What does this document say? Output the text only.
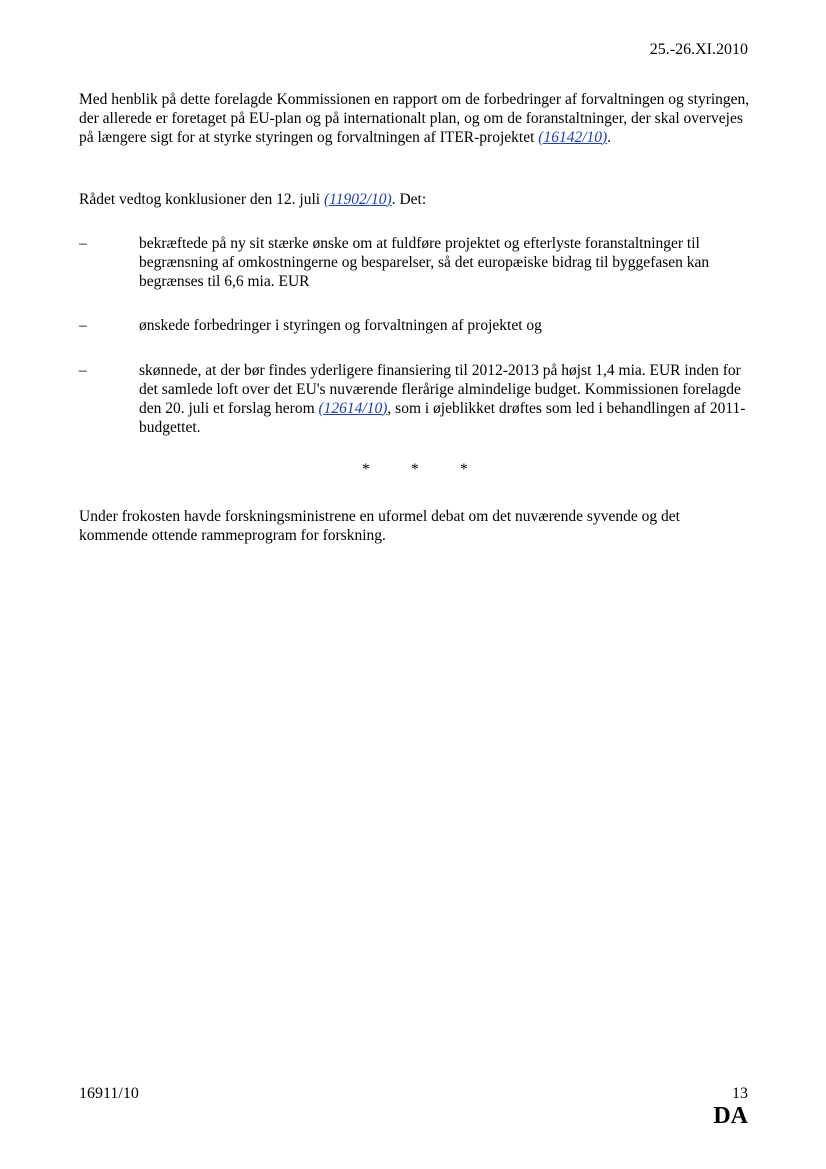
25.-26.XI.2010
Med henblik på dette forelagde Kommissionen en rapport om de forbedringer af forvaltningen og styringen, der allerede er foretaget på EU-plan og på internationalt plan, og om de foranstaltninger, der skal overvejes på længere sigt for at styrke styringen og forvaltningen af ITER-projektet (16142/10).
Rådet vedtog konklusioner den 12. juli (11902/10). Det:
–	bekræftede på ny sit stærke ønske om at fuldføre projektet og efterlyste foranstaltninger til begrænsning af omkostningerne og besparelser, så det europæiske bidrag til byggefasen kan begrænses til 6,6 mia. EUR
–	ønskede forbedringer i styringen og forvaltningen af projektet og
–	skønnede, at der bør findes yderligere finansiering til 2012-2013 på højst 1,4 mia. EUR inden for det samlede loft over det EU's nuværende flerårige almindelige budget. Kommissionen forelagde den 20. juli et forslag herom (12614/10), som i øjeblikket drøftes som led i behandlingen af 2011-budgettet.
*	*	*
Under frokosten havde forskningsministrene en uformel debat om det nuværende syvende og det kommende ottende rammeprogram for forskning.
16911/10	13
DA
